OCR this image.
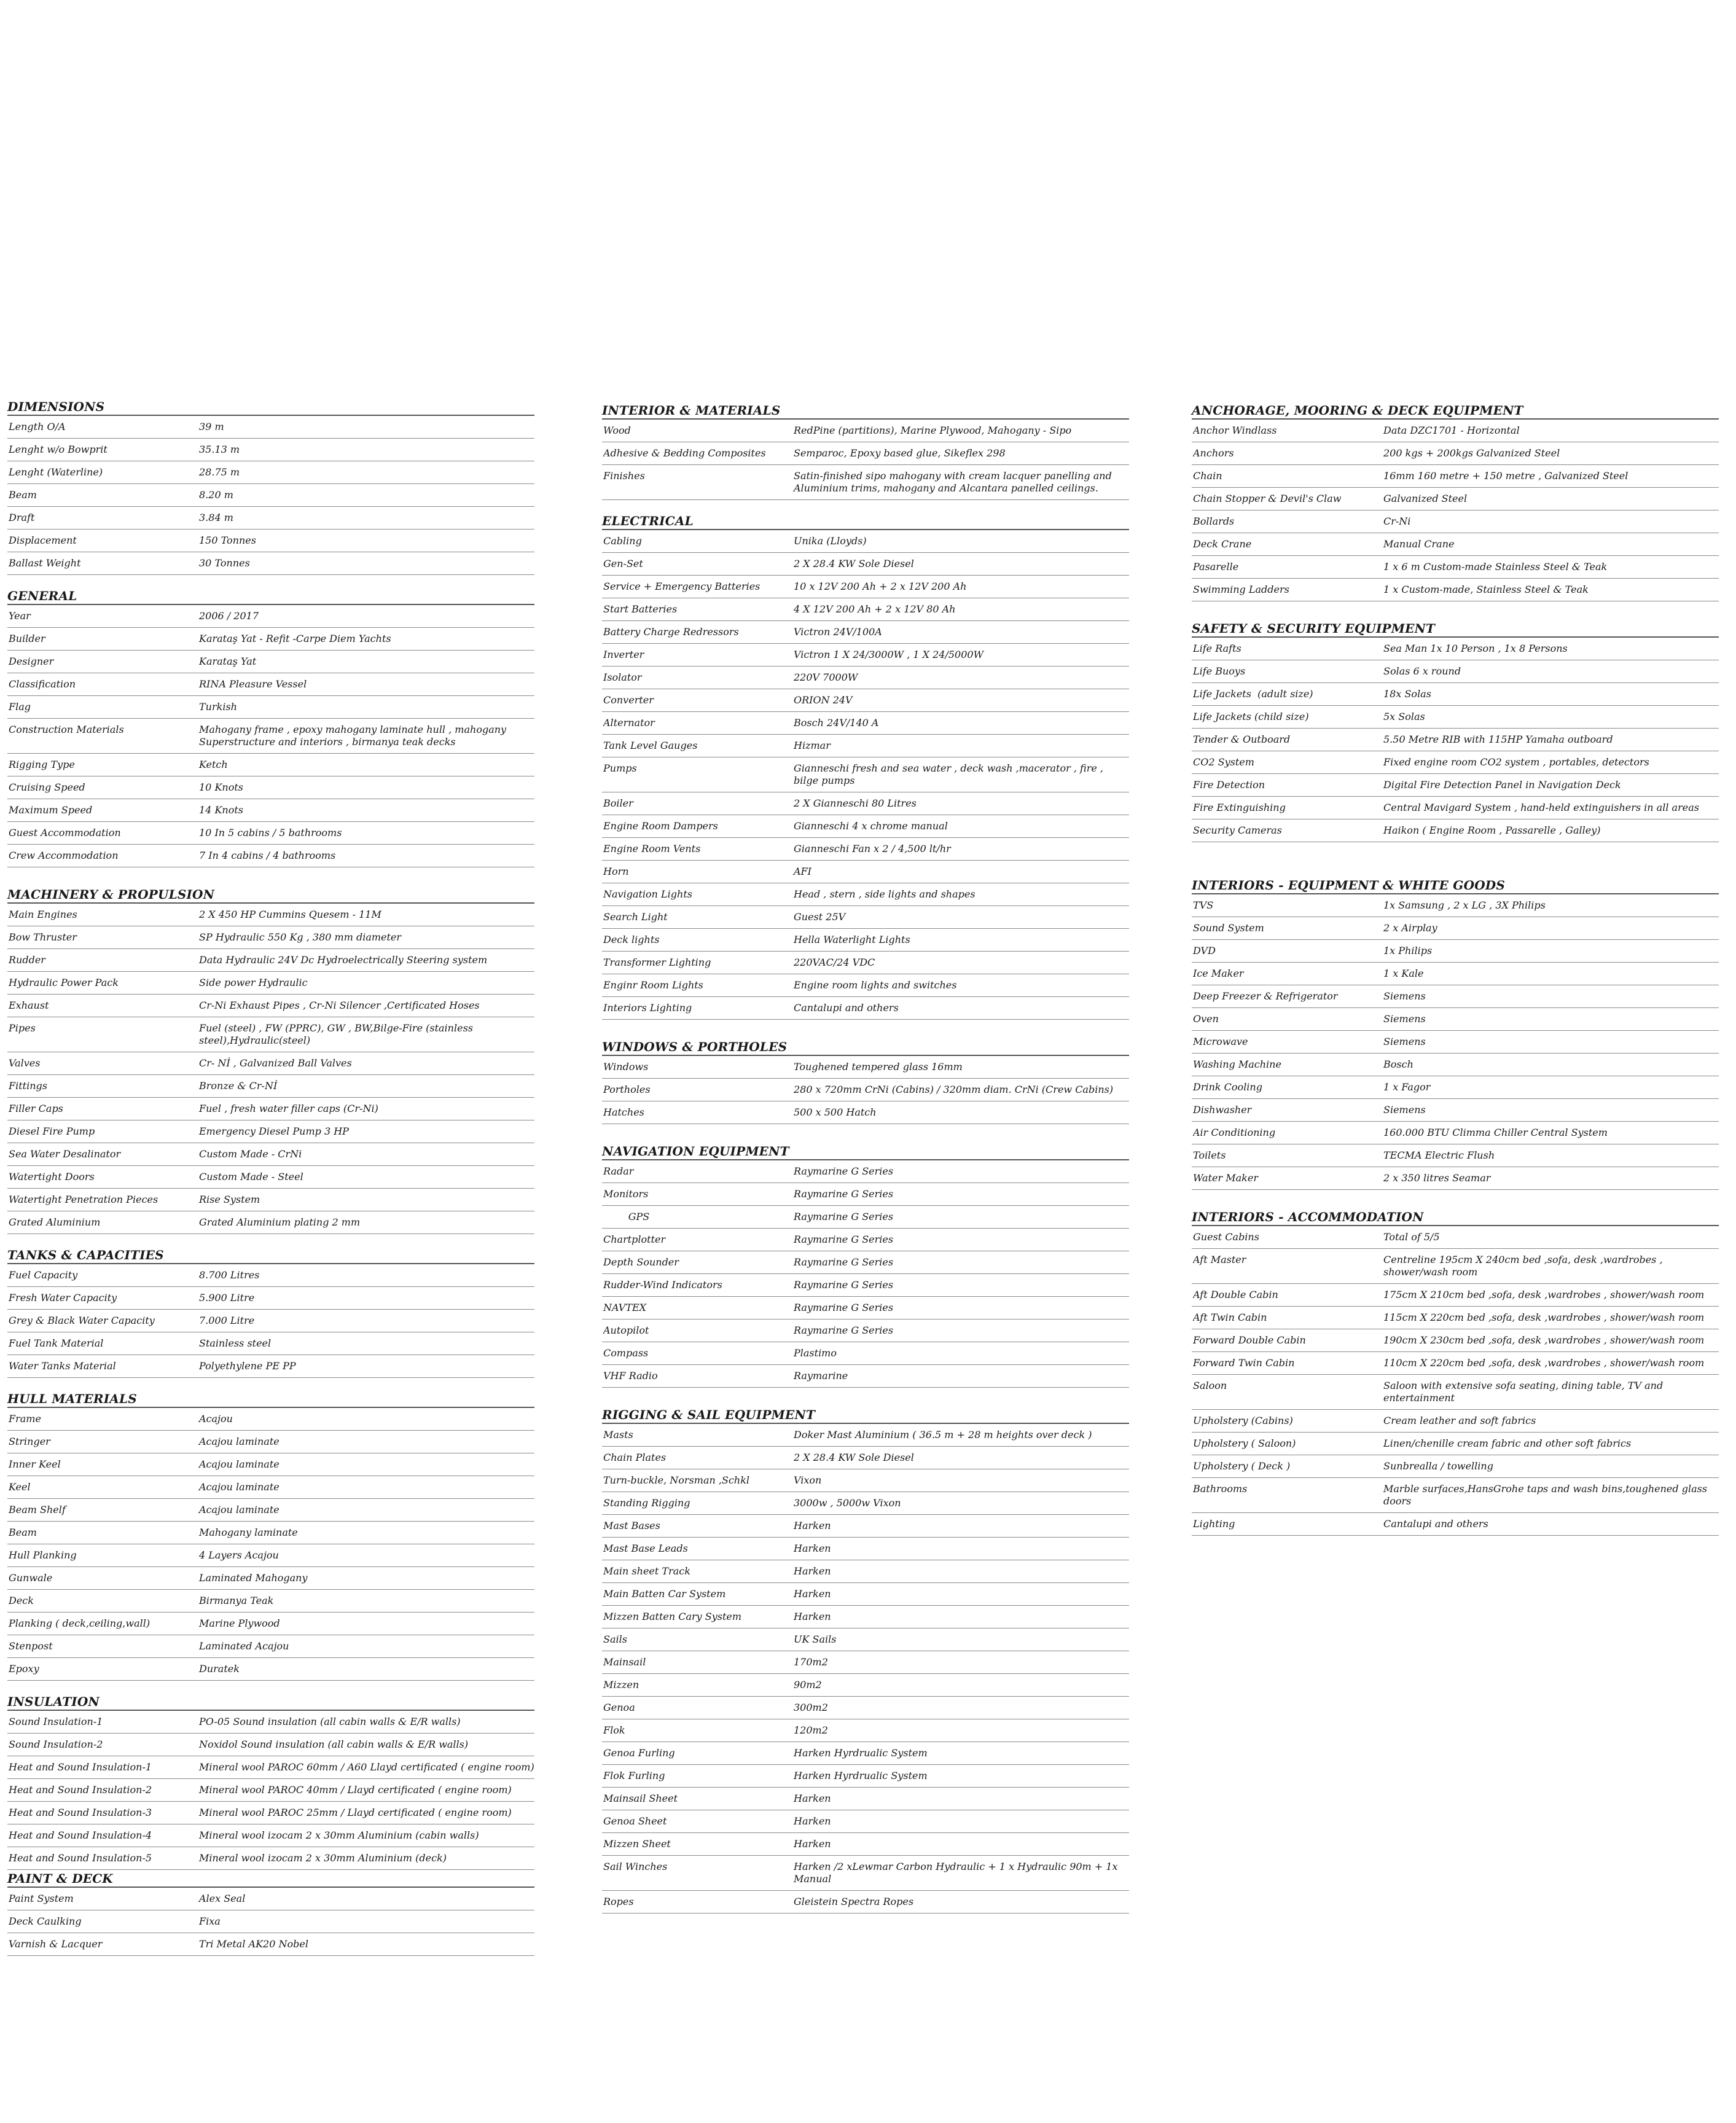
DIMENSIONS
Length O/A	39 m
Lenght w/o Bowprit	35.13 m
Lenght (Waterline)	28.75 m
Beam	8.20 m
Draft	3.84 m
Displacement	150 Tonnes
Ballast Weight	30 Tonnes
GENERAL
Year	2006 / 2017
Builder	Karataş Yat - Refit -Carpe Diem Yachts
Designer	Karataş Yat
Classification	RINA Pleasure Vessel
Flag	Turkish
Construction Materials	Mahogany frame , epoxy mahogany laminate hull , mahogany Superstructure and interiors , birmanya teak decks
Rigging Type	Ketch
Cruising Speed	10 Knots
Maximum Speed	14 Knots
Guest Accommodation	10 In 5 cabins / 5 bathrooms
Crew Accommodation	7 In 4 cabins / 4 bathrooms
MACHINERY & PROPULSION
Main Engines	2 X 450 HP Cummins Quesem - 11M
Bow Thruster	SP Hydraulic 550 Kg , 380 mm diameter
Rudder	Data Hydraulic 24V Dc Hydroelectrically Steering system
Hydraulic Power Pack	Side power Hydraulic
Exhaust	Cr-Ni Exhaust Pipes , Cr-Ni Silencer ,Certificated Hoses
Pipes	Fuel (steel) , FW (PPRC), GW , BW,Bilge-Fire (stainless steel),Hydraulic(steel)
Valves	Cr- Nİ , Galvanized Ball Valves
Fittings	Bronze & Cr-Nİ
Filler Caps	Fuel , fresh water filler caps (Cr-Ni)
Diesel Fire Pump	Emergency Diesel Pump 3 HP
Sea Water Desalinator	Custom Made - CrNi
Watertight Doors	Custom Made - Steel
Watertight Penetration Pieces	Rise System
Grated Aluminium	Grated Aluminium plating 2 mm
TANKS & CAPACITIES
Fuel Capacity	8.700 Litres
Fresh Water Capacity	5.900 Litre
Grey & Black Water Capacity	7.000 Litre
Fuel Tank Material	Stainless steel
Water Tanks Material	Polyethylene PE PP
HULL MATERIALS
Frame	Acajou
Stringer	Acajou laminate
Inner Keel	Acajou laminate
Keel	Acajou laminate
Beam Shelf	Acajou laminate
Beam	Mahogany laminate
Hull Planking	4 Layers Acajou
Gunwale	Laminated Mahogany
Deck	Birmanya Teak
Planking ( deck,ceiling,wall)	Marine Plywood
Stenpost	Laminated Acajou
Epoxy	Duratek
INSULATION
Sound Insulation-1	PO-05 Sound insulation (all cabin walls & E/R walls)
Sound Insulation-2	Noxidol Sound insulation (all cabin walls & E/R walls)
Heat and Sound Insulation-1	Mineral wool PAROC 60mm / A60 Llayd certificated ( engine room)
Heat and Sound Insulation-2	Mineral wool PAROC 40mm / Llayd certificated ( engine room)
Heat and Sound Insulation-3	Mineral wool PAROC 25mm / Llayd certificated ( engine room)
Heat and Sound Insulation-4	Mineral wool izocam 2 x 30mm Aluminium (cabin walls)
Heat and Sound Insulation-5	Mineral wool izocam 2 x 30mm Aluminium (deck)
PAINT & DECK
Paint System	Alex Seal
Deck Caulking	Fixa
Varnish & Lacquer	Tri Metal AK20 Nobel
INTERIOR & MATERIALS
Wood	RedPine (partitions), Marine Plywood, Mahogany - Sipo
Adhesive & Bedding Composites	Semparoc, Epoxy based glue, Sikeflex 298
Finishes	Satin-finished sipo mahogany with cream lacquer panelling and Aluminium trims, mahogany and Alcantara panelled ceilings.
ELECTRICAL
Cabling	Unika (Lloyds)
Gen-Set	2 X 28.4 KW Sole Diesel
Service + Emergency Batteries	10 x 12V 200 Ah + 2 x 12V 200 Ah
Start Batteries	4 X 12V 200 Ah + 2 x 12V 80 Ah
Battery Charge Redressors	Victron 24V/100A
Inverter	Victron 1 X 24/3000W , 1 X 24/5000W
Isolator	220V 7000W
Converter	ORION 24V
Alternator	Bosch 24V/140 A
Tank Level Gauges	Hizmar
Pumps	Gianneschi fresh and sea water , deck wash ,macerator , fire , bilge pumps
Boiler	2 X Gianneschi 80 Litres
Engine Room Dampers	Gianneschi 4 x chrome manual
Engine Room Vents	Gianneschi Fan x 2 / 4,500 lt/hr
Horn	AFI
Navigation Lights	Head , stern , side lights and shapes
Search Light	Guest 25V
Deck lights	Hella Waterlight Lights
Transformer Lighting	220VAC/24 VDC
Enginr Room Lights	Engine room lights and switches
Interiors Lighting	Cantalupi and others
WINDOWS & PORTHOLES
Windows	Toughened tempered glass 16mm
Portholes	280 x 720mm CrNi (Cabins) / 320mm diam. CrNi (Crew Cabins)
Hatches	500 x 500 Hatch
NAVIGATION EQUIPMENT
Radar	Raymarine G Series
Monitors	Raymarine G Series
GPS	Raymarine G Series
Chartplotter	Raymarine G Series
Depth Sounder	Raymarine G Series
Rudder-Wind Indicators	Raymarine G Series
NAVTEX	Raymarine G Series
Autopilot	Raymarine G Series
Compass	Plastimo
VHF Radio	Raymarine
RIGGING & SAIL EQUIPMENT
Masts	Doker Mast Aluminium ( 36.5 m + 28 m heights over deck )
Chain Plates	2 X 28.4 KW Sole Diesel
Turn-buckle, Norsman ,Schkl	Vixon
Standing Rigging	3000w , 5000w Vixon
Mast Bases	Harken
Mast Base Leads	Harken
Main sheet Track	Harken
Main Batten Car System	Harken
Mizzen Batten Cary System	Harken
Sails	UK Sails
Mainsail	170m2
Mizzen	90m2
Genoa	300m2
Flok	120m2
Genoa Furling	Harken Hyrdrualic System
Flok Furling	Harken Hyrdrualic System
Mainsail Sheet	Harken
Genoa Sheet	Harken
Mizzen Sheet	Harken
Sail Winches	Harken /2 xLewmar Carbon Hydraulic + 1 x Hydraulic 90m + 1x Manual
Ropes	Gleistein Spectra Ropes
ANCHORAGE, MOORING & DECK EQUIPMENT
Anchor Windlass	Data DZC1701 - Horizontal
Anchors	200 kgs + 200kgs Galvanized Steel
Chain	16mm 160 metre + 150 metre , Galvanized Steel
Chain Stopper & Devil's Claw	Galvanized Steel
Bollards	Cr-Ni
Deck Crane	Manual Crane
Pasarelle	1 x 6 m Custom-made Stainless Steel & Teak
Swimming Ladders	1 x Custom-made, Stainless Steel & Teak
SAFETY & SECURITY EQUIPMENT
Life Rafts	Sea Man 1x 10 Person , 1x 8 Persons
Life Buoys	Solas 6 x round
Life Jackets  (adult size)	18x Solas
Life Jackets (child size)	5x Solas
Tender & Outboard	5.50 Metre RIB with 115HP Yamaha outboard
CO2 System	Fixed engine room CO2 system , portables, detectors
Fire Detection	Digital Fire Detection Panel in Navigation Deck
Fire Extinguishing	Central Mavigard System , hand-held extinguishers in all areas
Security Cameras	Haikon ( Engine Room , Passarelle , Galley)
INTERIORS - EQUIPMENT & WHITE GOODS
TVS	1x Samsung , 2 x LG , 3X Philips
Sound System	2 x Airplay
DVD	1x Philips
Ice Maker	1 x Kale
Deep Freezer & Refrigerator	Siemens
Oven	Siemens
Microwave	Siemens
Washing Machine	Bosch
Drink Cooling	1 x Fagor
Dishwasher	Siemens
Air Conditioning	160.000 BTU Climma Chiller Central System
Toilets	TECMA Electric Flush
Water Maker	2 x 350 litres Seamar
INTERIORS - ACCOMMODATION
Guest Cabins	Total of 5/5
Aft Master	Centreline 195cm X 240cm bed ,sofa, desk ,wardrobes , shower/wash room
Aft Double Cabin	175cm X 210cm bed ,sofa, desk ,wardrobes , shower/wash room
Aft Twin Cabin	115cm X 220cm bed ,sofa, desk ,wardrobes , shower/wash room
Forward Double Cabin	190cm X 230cm bed ,sofa, desk ,wardrobes , shower/wash room
Forward Twin Cabin	110cm X 220cm bed ,sofa, desk ,wardrobes , shower/wash room
Saloon	Saloon with extensive sofa seating, dining table, TV and entertainment
Upholstery (Cabins)	Cream leather and soft fabrics
Upholstery ( Saloon)	Linen/chenille cream fabric and other soft fabrics
Upholstery ( Deck )	Sunbrealla / towelling
Bathrooms	Marble surfaces,HansGrohe taps and wash bins,toughened glass doors
Lighting	Cantalupi and others
